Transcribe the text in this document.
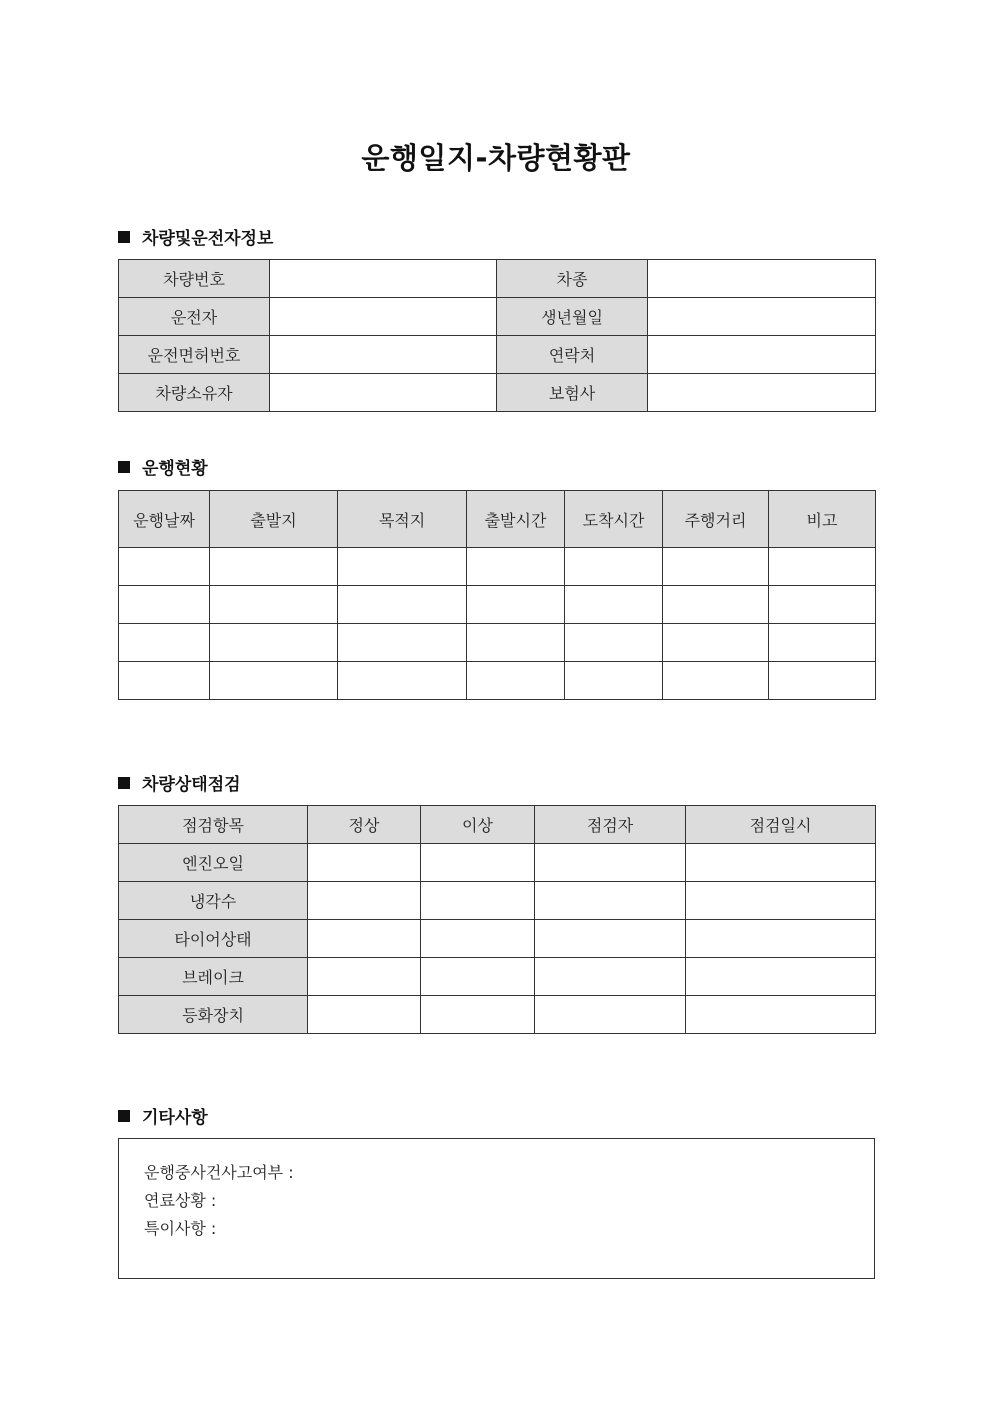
운행일지-차량현황판
차량및운전자정보
차량번호		차종	
운전자		생년월일	
운전면허번호		연락처	
차량소유자		보험사	
운행현황
운행날짜	출발지	목적지	출발시간	도착시간	주행거리	비고

차량상태점검
점검항목	정상	이상	점검자	점검일시
엔진오일				
냉각수				
타이어상태				
브레이크				
등화장치				
기타사항
운행중사건사고여부 :
연료상황 :
특이사항 :
